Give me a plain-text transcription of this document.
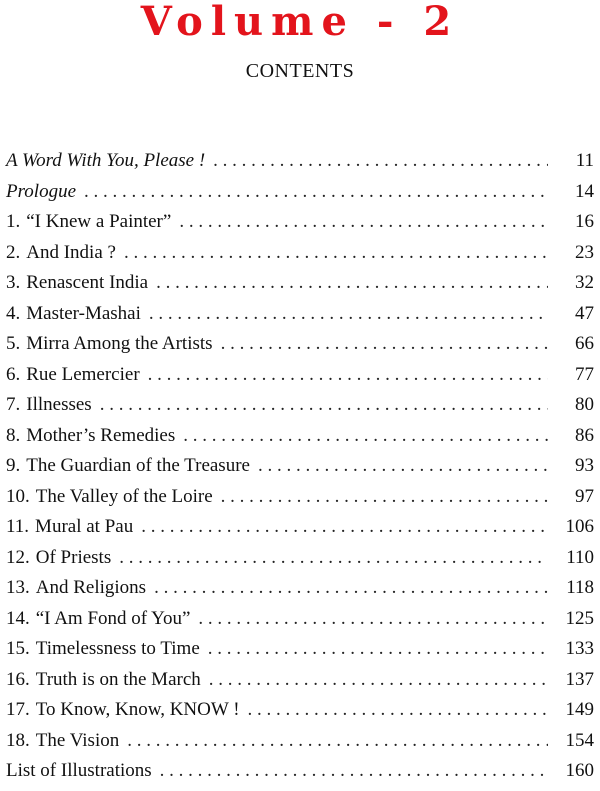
Volume - 2
CONTENTS
A Word With You, Please ! . . .	11
Prologue . . .	14
1. “I Knew a Painter” . . .	16
2. And India ? . . .	23
3. Renascent India . . .	32
4. Master-Mashai . . .	47
5. Mirra Among the Artists . . .	66
6. Rue Lemercier . . .	77
7. Illnesses . . .	80
8. Mother’s Remedies . . .	86
9. The Guardian of the Treasure . . .	93
10. The Valley of the Loire . . .	97
11. Mural at Pau . . .	106
12. Of Priests . . .	110
13. And Religions . . .	118
14. “I Am Fond of You” . . .	125
15. Timelessness to Time . . .	133
16. Truth is on the March . . .	137
17. To Know, Know, KNOW ! . . .	149
18. The Vision . . .	154
List of Illustrations . . .	160
